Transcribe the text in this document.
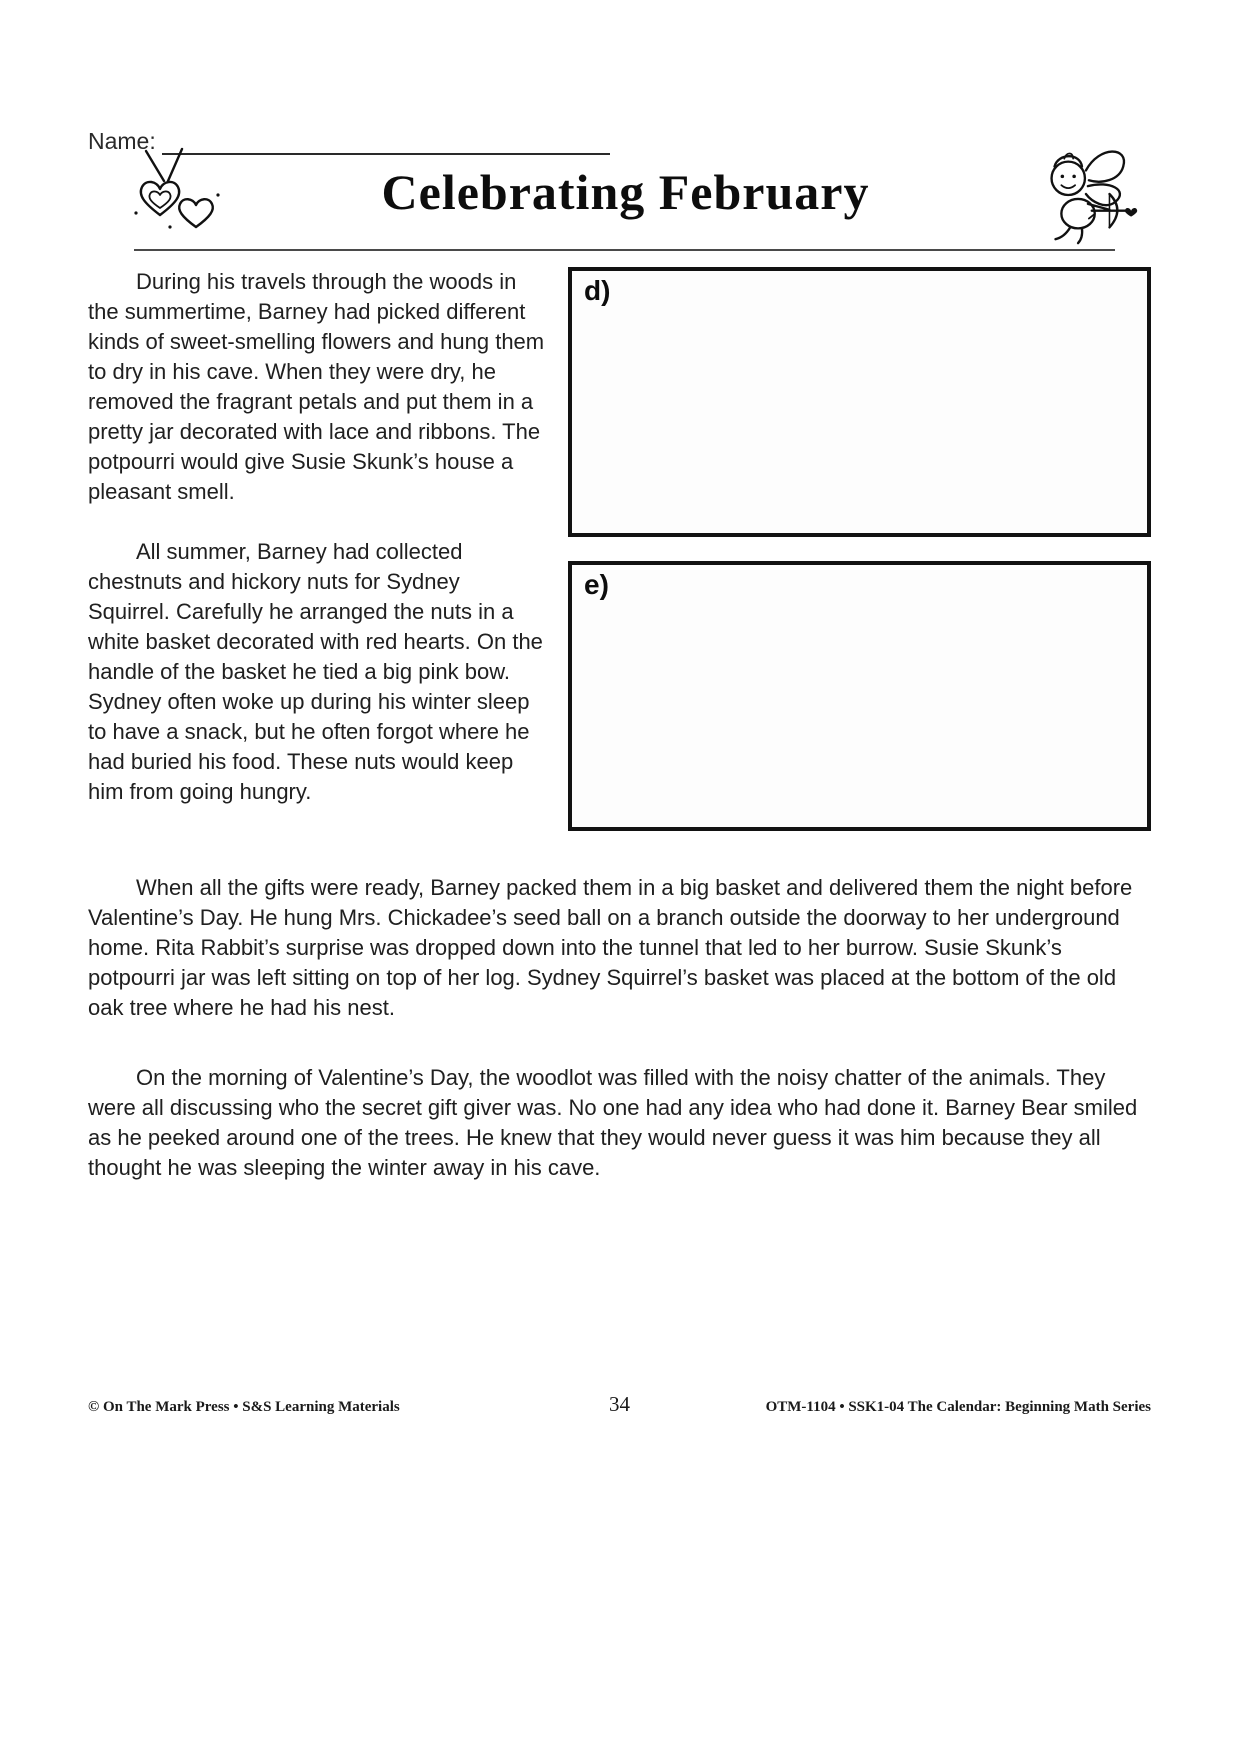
Name:
Celebrating February

During his travels through the woods in the summertime, Barney had picked different kinds of sweet-smelling flowers and hung them to dry in his cave. When they were dry, he removed the fragrant petals and put them in a pretty jar decorated with lace and ribbons. The potpourri would give Susie Skunk’s house a pleasant smell.

All summer, Barney had collected chestnuts and hickory nuts for Sydney Squirrel. Carefully he arranged the nuts in a white basket decorated with red hearts. On the handle of the basket he tied a big pink bow. Sydney often woke up during his winter sleep to have a snack, but he often forgot where he had buried his food. These nuts would keep him from going hungry.

d)
e)

When all the gifts were ready, Barney packed them in a big basket and delivered them the night before Valentine’s Day. He hung Mrs. Chickadee’s seed ball on a branch outside the doorway to her underground home. Rita Rabbit’s surprise was dropped down into the tunnel that led to her burrow. Susie Skunk’s potpourri jar was left sitting on top of her log. Sydney Squirrel’s basket was placed at the bottom of the old oak tree where he had his nest.

On the morning of Valentine’s Day, the woodlot was filled with the noisy chatter of the animals. They were all discussing who the secret gift giver was. No one had any idea who had done it. Barney Bear smiled as he peeked around one of the trees. He knew that they would never guess it was him because they all thought he was sleeping the winter away in his cave.

© On The Mark Press • S&S Learning Materials	34	OTM-1104 • SSK1-04 The Calendar: Beginning Math Series
